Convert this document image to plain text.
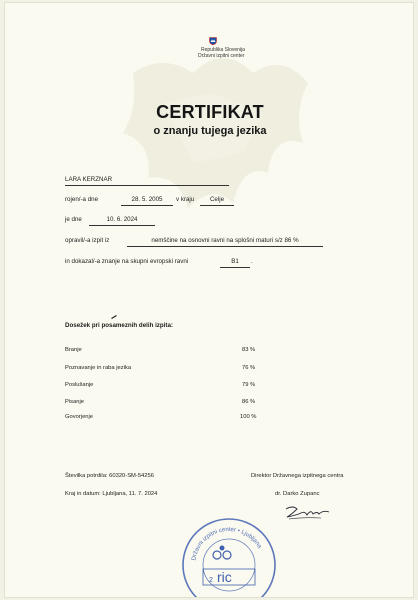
Republika Slovenija
Državni izpitni center
CERTIFIKAT
o znanju tujega jezika
LARA KERZNAR
rojen/-a dne	28. 5. 2005	v kraju	Celje
je dne	10. 6. 2024
opravil/-a izpit iz	nemščine na osnovni ravni na splošni maturi s/z 86 %
in dokazal/-a znanje na skupni evropski ravni	B1	.
Dosežek pri posameznih delih izpita:
Branje	83 %
Poznavanje in raba jezika	76 %
Poslušanje	79 %
Pisanje	86 %
Govorjenje	100 %
Številka potrdila: 60320-SM-54256
Kraj in datum: Ljubljana, 11. 7. 2024
Direktor Državnega izpitnega centra
dr. Darko Zupanc
Državni izpitni center • Ljubljana
2 ric
